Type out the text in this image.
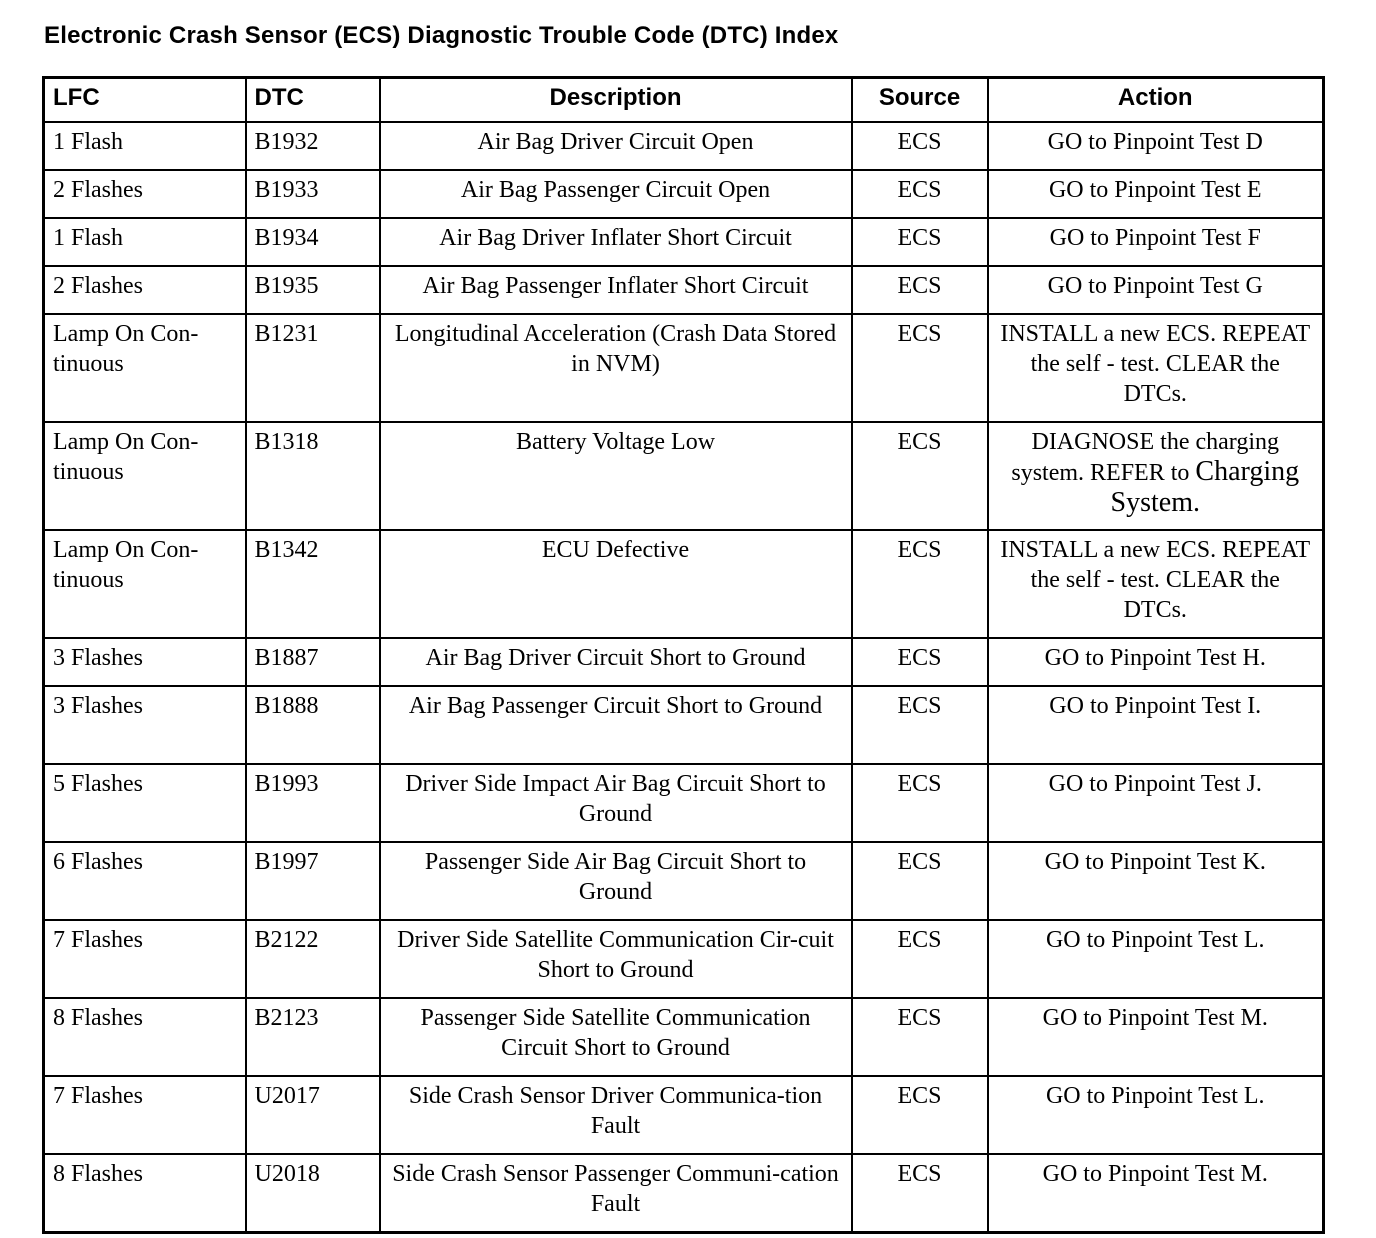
Electronic Crash Sensor (ECS) Diagnostic Trouble Code (DTC) Index
LFC	DTC	Description	Source	Action
1 Flash	B1932	Air Bag Driver Circuit Open	ECS	GO to Pinpoint Test D
2 Flashes	B1933	Air Bag Passenger Circuit Open	ECS	GO to Pinpoint Test E
1 Flash	B1934	Air Bag Driver Inflater Short Circuit	ECS	GO to Pinpoint Test F
2 Flashes	B1935	Air Bag Passenger Inflater Short Circuit	ECS	GO to Pinpoint Test G
Lamp On Con-tinuous	B1231	Longitudinal Acceleration (Crash Data Stored in NVM)	ECS	INSTALL a new ECS. REPEAT the self - test. CLEAR the DTCs.
Lamp On Con-tinuous	B1318	Battery Voltage Low	ECS	DIAGNOSE the charging system. REFER to Charging System.
Lamp On Con-tinuous	B1342	ECU Defective	ECS	INSTALL a new ECS. REPEAT the self - test. CLEAR the DTCs.
3 Flashes	B1887	Air Bag Driver Circuit Short to Ground	ECS	GO to Pinpoint Test H.
3 Flashes	B1888	Air Bag Passenger Circuit Short to Ground	ECS	GO to Pinpoint Test I.
5 Flashes	B1993	Driver Side Impact Air Bag Circuit Short to Ground	ECS	GO to Pinpoint Test J.
6 Flashes	B1997	Passenger Side Air Bag Circuit Short to Ground	ECS	GO to Pinpoint Test K.
7 Flashes	B2122	Driver Side Satellite Communication Cir-cuit Short to Ground	ECS	GO to Pinpoint Test L.
8 Flashes	B2123	Passenger Side Satellite Communication Circuit Short to Ground	ECS	GO to Pinpoint Test M.
7 Flashes	U2017	Side Crash Sensor Driver Communica-tion Fault	ECS	GO to Pinpoint Test L.
8 Flashes	U2018	Side Crash Sensor Passenger Communi-cation Fault	ECS	GO to Pinpoint Test M.
